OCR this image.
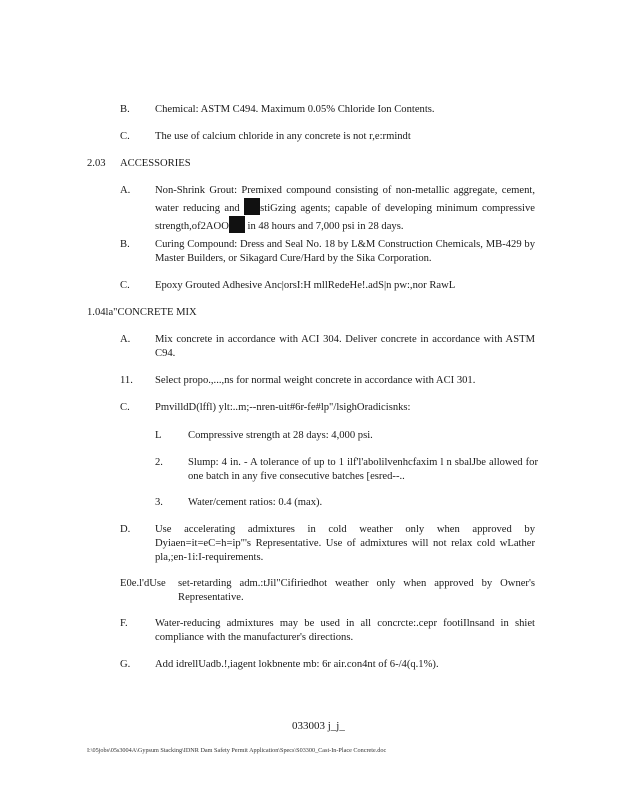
B. Chemical: ASTM C494. Maximum 0.05% Chloride Ion Contents.
C. The use of calcium chloride in any concrete is not r,e:rmindt
2.03 ACCESSORIES
A. Non-Shrink Grout: Premixed compound consisting of non-metallic aggregate, cement, water reducing and stiGzing agents; capable of developing minimum compressive strength,of2AOO in 48 hours and 7,000 psi in 28 days.
B. Curing Compound: Dress and Seal No. 18 by L&M Construction Chemicals, MB-429 by Master Builders, or Sikagard Cure/Hard by the Sika Corporation.
C. Epoxy Grouted Adhesive Anc|orsI:H mllRedeHe!.adS|n pw:,nor RawL
1.04la"CONCRETE MIX
A. Mix concrete in accordance with ACI 304. Deliver concrete in accordance with ASTM C94.
11. Select propo.,...,ns for normal weight concrete in accordance with ACI 301.
C. PmvilldD(lffl) ylt:..m;--nren-uit#6r-fe#lp"/lsighOradicisnks:
L	Compressive strength at 28 days: 4,000 psi.
2. Slump: 4 in. - A tolerance of up to 1 ilf'l'abolilvenhcfaxim l n sbalJbe allowed for one batch in any five consecutive batches [esred--..
3. Water/cement ratios: 0.4 (max).
D. Use accelerating admixtures in cold weather only when approved by Dyiaen=it=eC=h=ip"'s Representative. Use of admixtures will not relax cold wLather pla,;en-1i:I-requirements.
E0e.l'dUse set-retarding adm.:tJil"Cifiriedhot weather only when approved by Owner's Representative.
F.	Water-reducing admixtures may be used in all concrcte:.cepr footiIlnsand in shiet compliance with the manufacturer's directions.
G. Add idrellUadb.!,iagent lokbnente mb: 6r air.con4nt of 6-/4(q.1%).
033003 j_j_
I:\05jobs\05s3004A\Gypsum Stacking\IDNR Dam Safety Permit Application\Specs\S03300_Cast-In-Place Concrete.doc
